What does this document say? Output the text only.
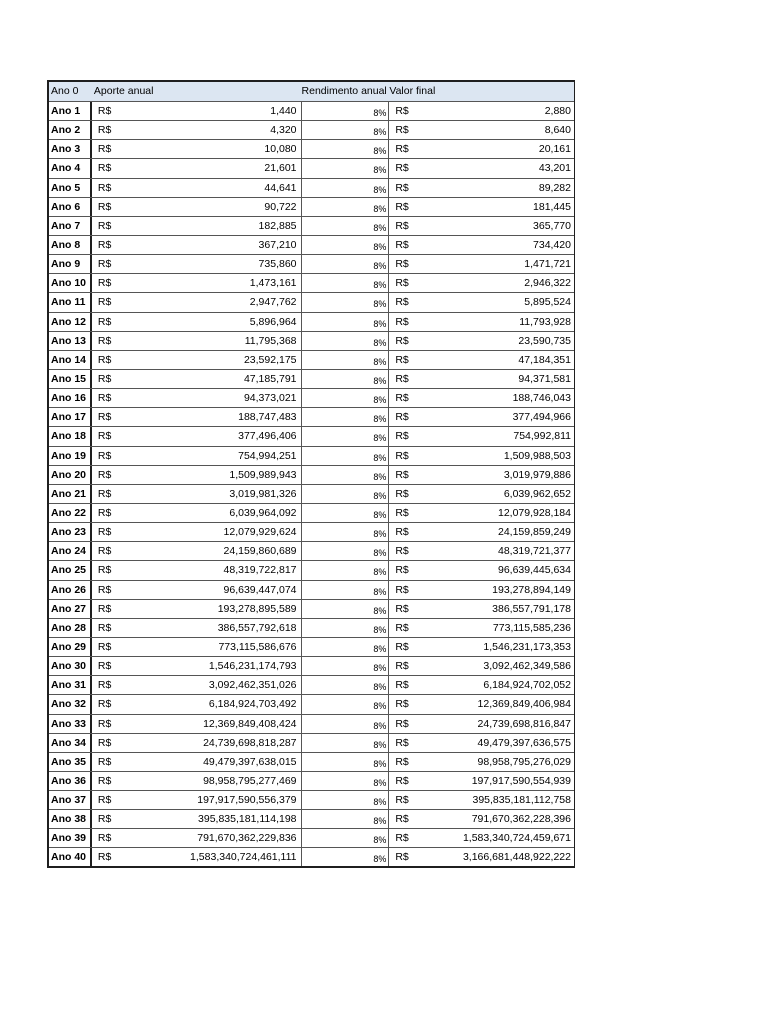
Ano 0	Aporte anual	Rendimento anual Valor final
Ano 1	R$	1,440	8% R$	2,880
Ano 2	R$	4,320	8% R$	8,640
Ano 3	R$	10,080	8% R$	20,161
Ano 4	R$	21,601	8% R$	43,201
Ano 5	R$	44,641	8% R$	89,282
Ano 6	R$	90,722	8% R$	181,445
Ano 7	R$	182,885	8% R$	365,770
Ano 8	R$	367,210	8% R$	734,420
Ano 9	R$	735,860	8% R$	1,471,721
Ano 10	R$	1,473,161	8% R$	2,946,322
Ano 11	R$	2,947,762	8% R$	5,895,524
Ano 12	R$	5,896,964	8% R$	11,793,928
Ano 13	R$	11,795,368	8% R$	23,590,735
Ano 14	R$	23,592,175	8% R$	47,184,351
Ano 15	R$	47,185,791	8% R$	94,371,581
Ano 16	R$	94,373,021	8% R$	188,746,043
Ano 17	R$	188,747,483	8% R$	377,494,966
Ano 18	R$	377,496,406	8% R$	754,992,811
Ano 19	R$	754,994,251	8% R$	1,509,988,503
Ano 20	R$	1,509,989,943	8% R$	3,019,979,886
Ano 21	R$	3,019,981,326	8% R$	6,039,962,652
Ano 22	R$	6,039,964,092	8% R$	12,079,928,184
Ano 23	R$	12,079,929,624	8% R$	24,159,859,249
Ano 24	R$	24,159,860,689	8% R$	48,319,721,377
Ano 25	R$	48,319,722,817	8% R$	96,639,445,634
Ano 26	R$	96,639,447,074	8% R$	193,278,894,149
Ano 27	R$	193,278,895,589	8% R$	386,557,791,178
Ano 28	R$	386,557,792,618	8% R$	773,115,585,236
Ano 29	R$	773,115,586,676	8% R$	1,546,231,173,353
Ano 30	R$	1,546,231,174,793	8% R$	3,092,462,349,586
Ano 31	R$	3,092,462,351,026	8% R$	6,184,924,702,052
Ano 32	R$	6,184,924,703,492	8% R$	12,369,849,406,984
Ano 33	R$	12,369,849,408,424	8% R$	24,739,698,816,847
Ano 34	R$	24,739,698,818,287	8% R$	49,479,397,636,575
Ano 35	R$	49,479,397,638,015	8% R$	98,958,795,276,029
Ano 36	R$	98,958,795,277,469	8% R$	197,917,590,554,939
Ano 37	R$	197,917,590,556,379	8% R$	395,835,181,112,758
Ano 38	R$	395,835,181,114,198	8% R$	791,670,362,228,396
Ano 39	R$	791,670,362,229,836	8% R$	1,583,340,724,459,671
Ano 40	R$	1,583,340,724,461,111	8% R$	3,166,681,448,922,222
